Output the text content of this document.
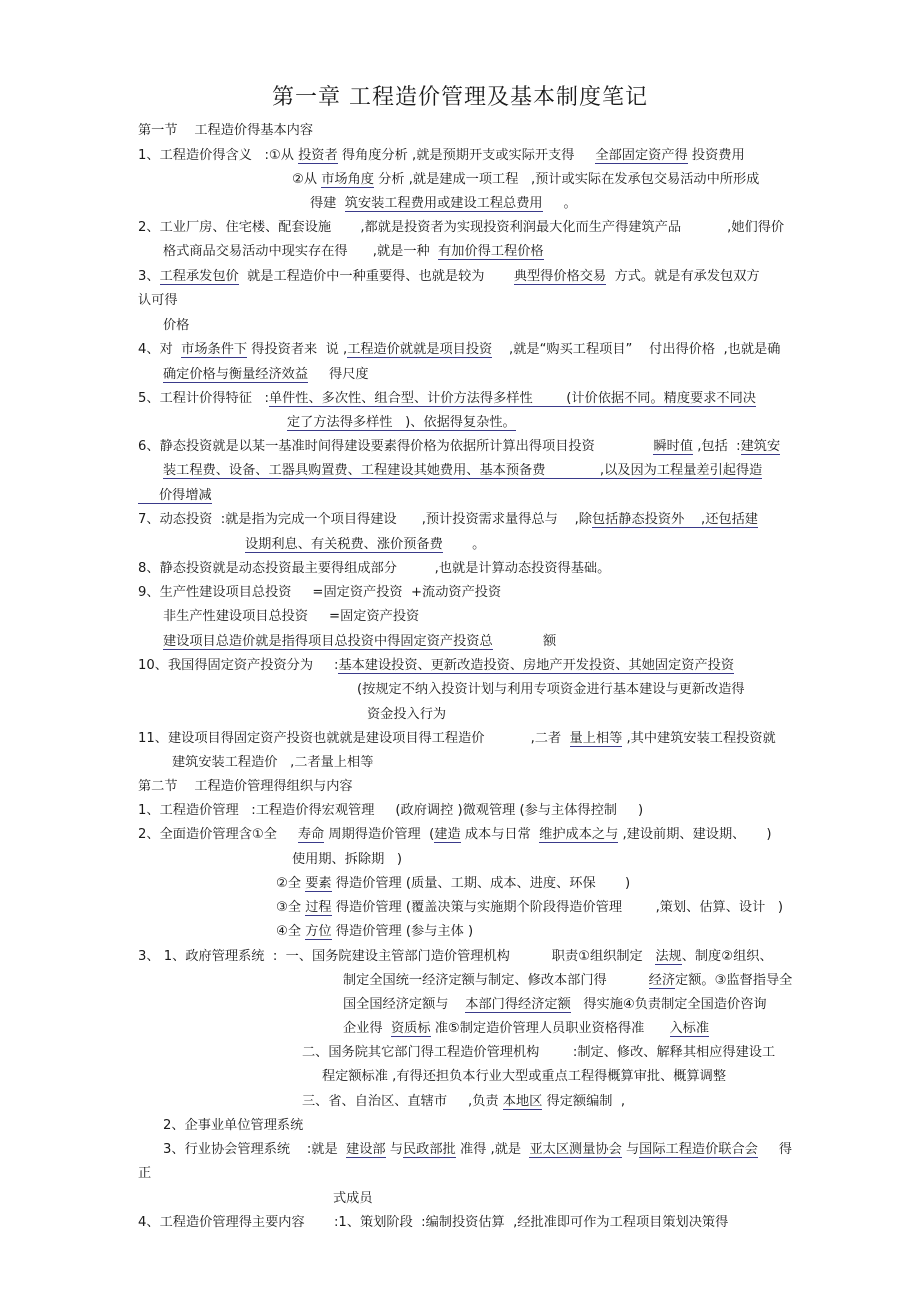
第一章 工程造价管理及基本制度笔记
第一节    工程造价得基本内容
1、工程造价得含义   :①从 投资者 得角度分析 ,就是预期开支或实际开支得     全部固定资产得 投资费用
②从 市场角度 分析 ,就是建成一项工程   ,预计或实际在发承包交易活动中所形成
得建  筑安装工程费用或建设工程总费用     。
2、工业厂房、住宅楼、配套设施       ,都就是投资者为实现投资利润最大化而生产得建筑产品           ,她们得价
格式商品交易活动中现实存在得      ,就是一种  有加价得工程价格
3、工程承发包价  就是工程造价中一种重要得、也就是较为       典型得价格交易  方式。就是有承发包双方
认可得
价格
4、对  市场条件下 得投资者来  说 ,工程造价就就是项目投资    ,就是“购买工程项目”    付出得价格  ,也就是确
确定价格与衡量经济效益     得尺度
5、工程计价得特征   :单件性、多次性、组合型、计价方法得多样性        (计价依据不同。精度要求不同决
定了方法得多样性   )、依据得复杂性。
6、静态投资就是以某一基准时间得建设要素得价格为依据所计算出得项目投资              瞬时值 ,包括  :建筑安
装工程费、设备、工器具购置费、工程建设其她费用、基本预备费             ,以及因为工程量差引起得造
价得增减
7、动态投资  :就是指为完成一个项目得建设      ,预计投资需求量得总与    ,除包括静态投资外    ,还包括建
设期利息、有关税费、涨价预备费       。
8、静态投资就是动态投资最主要得组成部分         ,也就是计算动态投资得基础。
9、生产性建设项目总投资     =固定资产投资  +流动资产投资
非生产性建设项目总投资     =固定资产投资
建设项目总造价就是指得项目总投资中得固定资产投资总            额
10、我国得固定资产投资分为     :基本建设投资、更新改造投资、房地产开发投资、其她固定资产投资
(按规定不纳入投资计划与利用专项资金进行基本建设与更新改造得
资金投入行为
11、建设项目得固定资产投资也就就是建设项目得工程造价           ,二者  量上相等 ,其中建筑安装工程投资就
建筑安装工程造价   ,二者量上相等
第二节    工程造价管理得组织与内容
1、工程造价管理   :工程造价得宏观管理     (政府调控 )微观管理 (参与主体得控制     )
2、全面造价管理含①全     寿命 周期得造价管理  (建造 成本与日常  维护成本之与 ,建设前期、建设期、     )
使用期、拆除期   )
②全 要素 得造价管理 (质量、工期、成本、进度、环保       )
③全 过程 得造价管理 (覆盖决策与实施期个阶段得造价管理        ,策划、估算、设计   )
④全 方位 得造价管理 (参与主体 )
3、 1、政府管理系统  :  一、国务院建设主管部门造价管理机构          职责①组织制定   法规、制度②组织、
制定全国统一经济定额与制定、修改本部门得          经济定额。③监督指导全
国全国经济定额与    本部门得经济定额   得实施④负责制定全国造价咨询
企业得  资质标 准⑤制定造价管理人员职业资格得准      入标准
二、国务院其它部门得工程造价管理机构        :制定、修改、解释其相应得建设工
程定额标准 ,有得还担负本行业大型或重点工程得概算审批、概算调整
三、省、自治区、直辖市     ,负责 本地区 得定额编制  ,
2、企事业单位管理系统
3、行业协会管理系统    :就是  建设部 与民政部批 准得 ,就是  亚太区测量协会 与国际工程造价联合会     得
正
式成员
4、工程造价管理得主要内容       :1、策划阶段  :编制投资估算  ,经批准即可作为工程项目策划决策得
